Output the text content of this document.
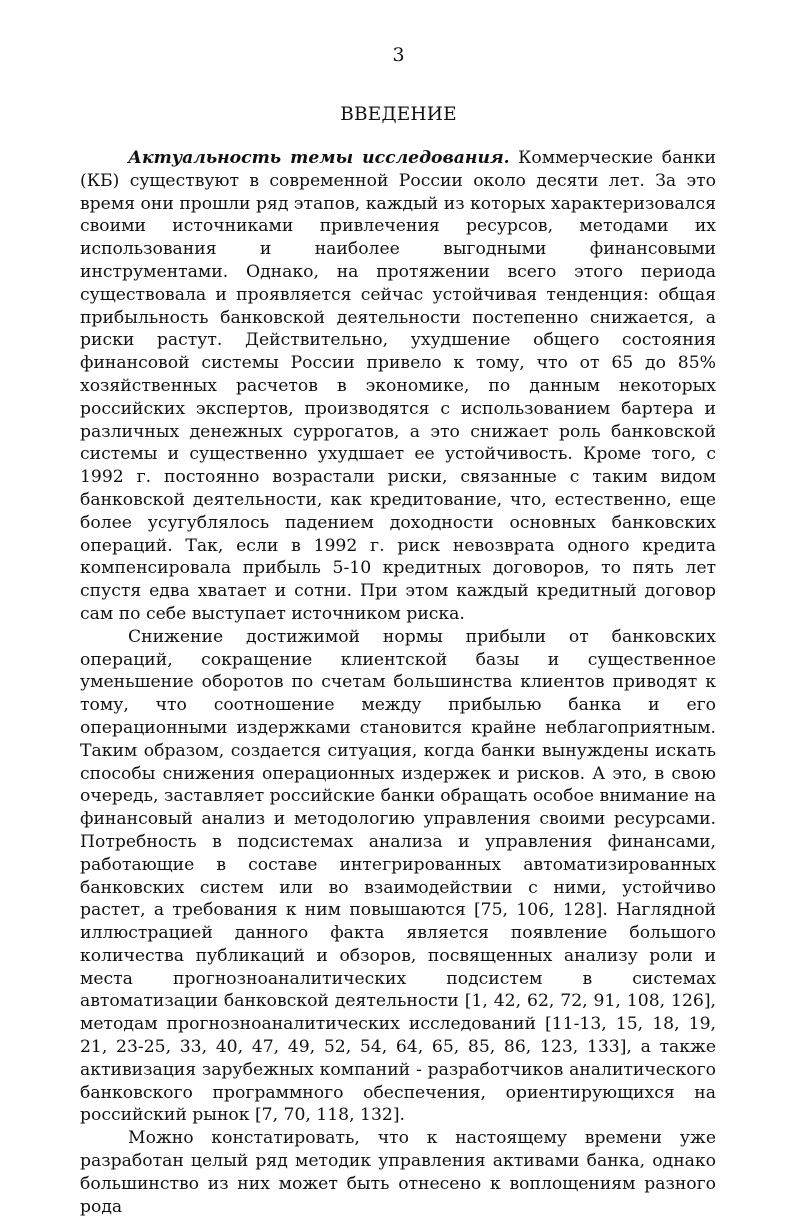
3
ВВЕДЕНИЕ

Актуальность темы исследования. Коммерческие банки (КБ) существуют в современной России около десяти лет. За это время они прошли ряд этапов, каждый из которых характеризовался своими источниками привлечения ресурсов, методами их использования и наиболее выгодными финансовыми инструментами. Однако, на протяжении всего этого периода существовала и проявляется сейчас устойчивая тенденция: общая прибыльность банковской деятельности постепенно снижается, а риски растут. Действительно, ухудшение общего состояния финансовой системы России привело к тому, что от 65 до 85% хозяйственных расчетов в экономике, по данным некоторых российских экспертов, производятся с использованием бартера и различных денежных суррогатов, а это снижает роль банковской системы и существенно ухудшает ее устойчивость. Кроме того, с 1992 г. постоянно возрастали риски, связанные с таким видом банковской деятельности, как кредитование, что, естественно, еще более усугублялось падением доходности основных банковских операций. Так, если в 1992 г. риск невозврата одного кредита компенсировала прибыль 5-10 кредитных договоров, то пять лет спустя едва хватает и сотни. При этом каждый кредитный договор сам по себе выступает источником риска.

Снижение достижимой нормы прибыли от банковских операций, сокращение клиентской базы и существенное уменьшение оборотов по счетам большинства клиентов приводят к тому, что соотношение между прибылью банка и его операционными издержками становится крайне неблагоприятным. Таким образом, создается ситуация, когда банки вынуждены искать способы снижения операционных издержек и рисков. А это, в свою очередь, заставляет российские банки обращать особое внимание на финансовый анализ и методологию управления своими ресурсами. Потребность в подсистемах анализа и управления финансами, работающие в составе интегрированных автоматизированных банковских систем или во взаимодействии с ними, устойчиво растет, а требования к ним повышаются [75, 106, 128]. Наглядной иллюстрацией данного факта является появление большого количества публикаций и обзоров, посвященных анализу роли и места прогнозноаналитических подсистем в системах автоматизации банковской деятельности [1, 42, 62, 72, 91, 108, 126], методам прогнозноаналитических исследований [11-13, 15, 18, 19, 21, 23-25, 33, 40, 47, 49, 52, 54, 64, 65, 85, 86, 123, 133], а также активизация зарубежных компаний - разработчиков аналитического банковского программного обеспечения, ориентирующихся на российский рынок [7, 70, 118, 132].

Можно констатировать, что к настоящему времени уже разработан целый ряд методик управления активами банка, однако большинство из них может быть отнесено к воплощениям разного рода
